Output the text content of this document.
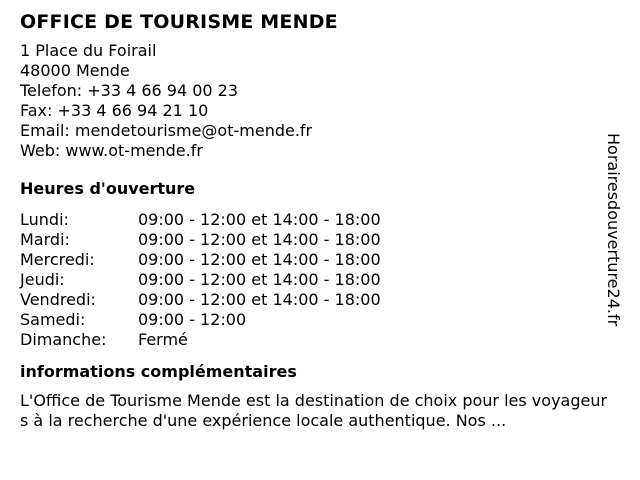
OFFICE DE TOURISME MENDE
1 Place du Foirail
48000 Mende
Telefon: +33 4 66 94 00 23
Fax: +33 4 66 94 21 10
Email: mendetourisme@ot-mende.fr
Web: www.ot-mende.fr
Heures d'ouverture
Lundi:	09:00 - 12:00 et 14:00 - 18:00
Mardi:	09:00 - 12:00 et 14:00 - 18:00
Mercredi:	09:00 - 12:00 et 14:00 - 18:00
Jeudi:	09:00 - 12:00 et 14:00 - 18:00
Vendredi:	09:00 - 12:00 et 14:00 - 18:00
Samedi:	09:00 - 12:00
Dimanche:	Fermé
informations complémentaires
L'Office de Tourisme Mende est la destination de choix pour les voyageurs à la recherche d'une expérience locale authentique. Nos ...
Horairesdouverture24.fr
